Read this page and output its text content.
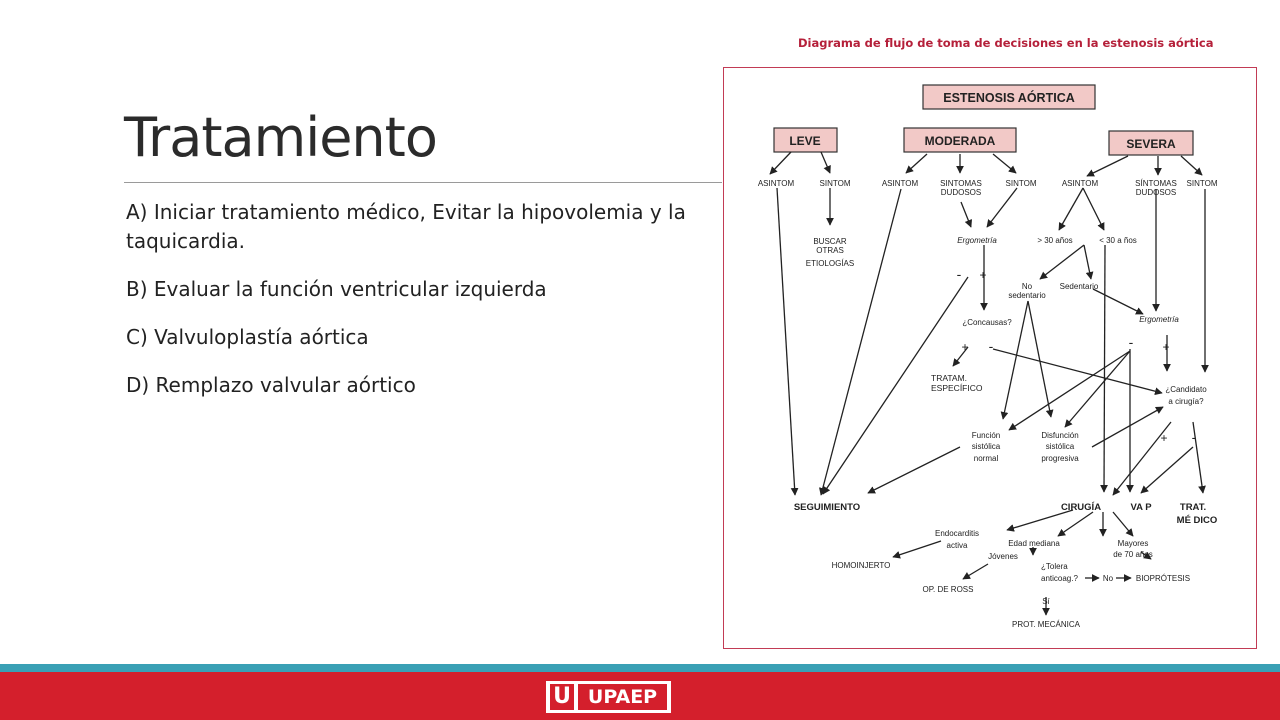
Tratamiento

A) Iniciar tratamiento médico, Evitar la hipovolemia y la taquicardia.

B) Evaluar la función ventricular izquierda

C) Valvuloplastía aórtica

D) Remplazo valvular aórtico

Diagrama de flujo de toma de decisiones en la estenosis aórtica
ESTENOSIS AÓRTICA
LEVE	MODERADA	SEVERA
ASINTOM	SINTOM	ASINTOM	SINTOMAS
DUDOSOS
SINTOM	ASINTOM	SÍNTOMAS
DUDOSOS
SINTOM
BUSCAR
OTRAS
ETIOLOGÍAS
Ergometría	> 30 años	< 30 a ños
- +
No
sedentario
Sedentario
Ergometría
¿Concausas?
+ -	- +
TRATAM.
ESPECÍFICO	¿Candidato
a cirugía?
+ -
Función
sistólica
normal
Disfunción
sistólica
progresiva
SEGUIMIENTO	CIRUGÍA	VA P	TRAT.
MÉ DICO
Endocarditis
activa	Edad mediana	Mayores
de 70 años
Jóvenes
HOMOINJERTO
OP. DE ROSS
¿Tolera
anticoag.?	No	BIOPRÓTESIS
Sí
PROT. MECÁNICA
U UPAEP
